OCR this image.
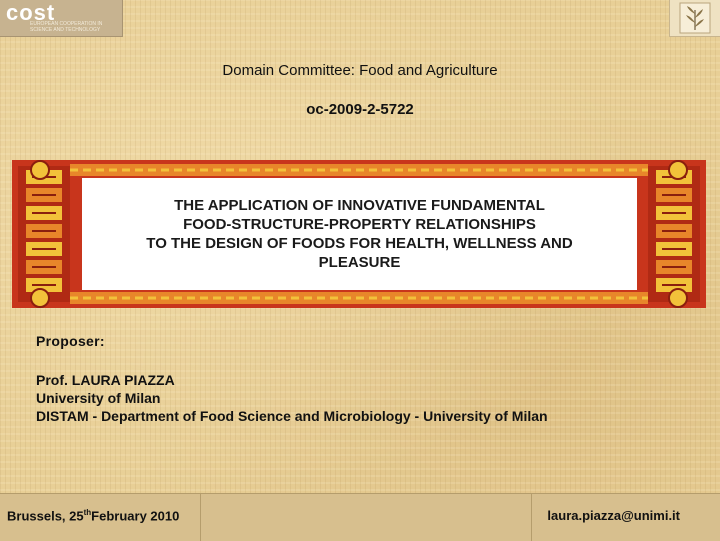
cost
EUROPEAN COOPERATION IN SCIENCE AND TECHNOLOGY
Domain Committee: Food and Agriculture
oc-2009-2-5722
THE APPLICATION OF INNOVATIVE FUNDAMENTAL
FOOD-STRUCTURE-PROPERTY RELATIONSHIPS
TO THE DESIGN OF FOODS FOR HEALTH, WELLNESS AND
PLEASURE
Proposer:
Prof. LAURA PIAZZA
University of Milan
DISTAM - Department of Food Science and Microbiology - University of Milan
Brussels, 25thFebruary 2010	laura.piazza@unimi.it
